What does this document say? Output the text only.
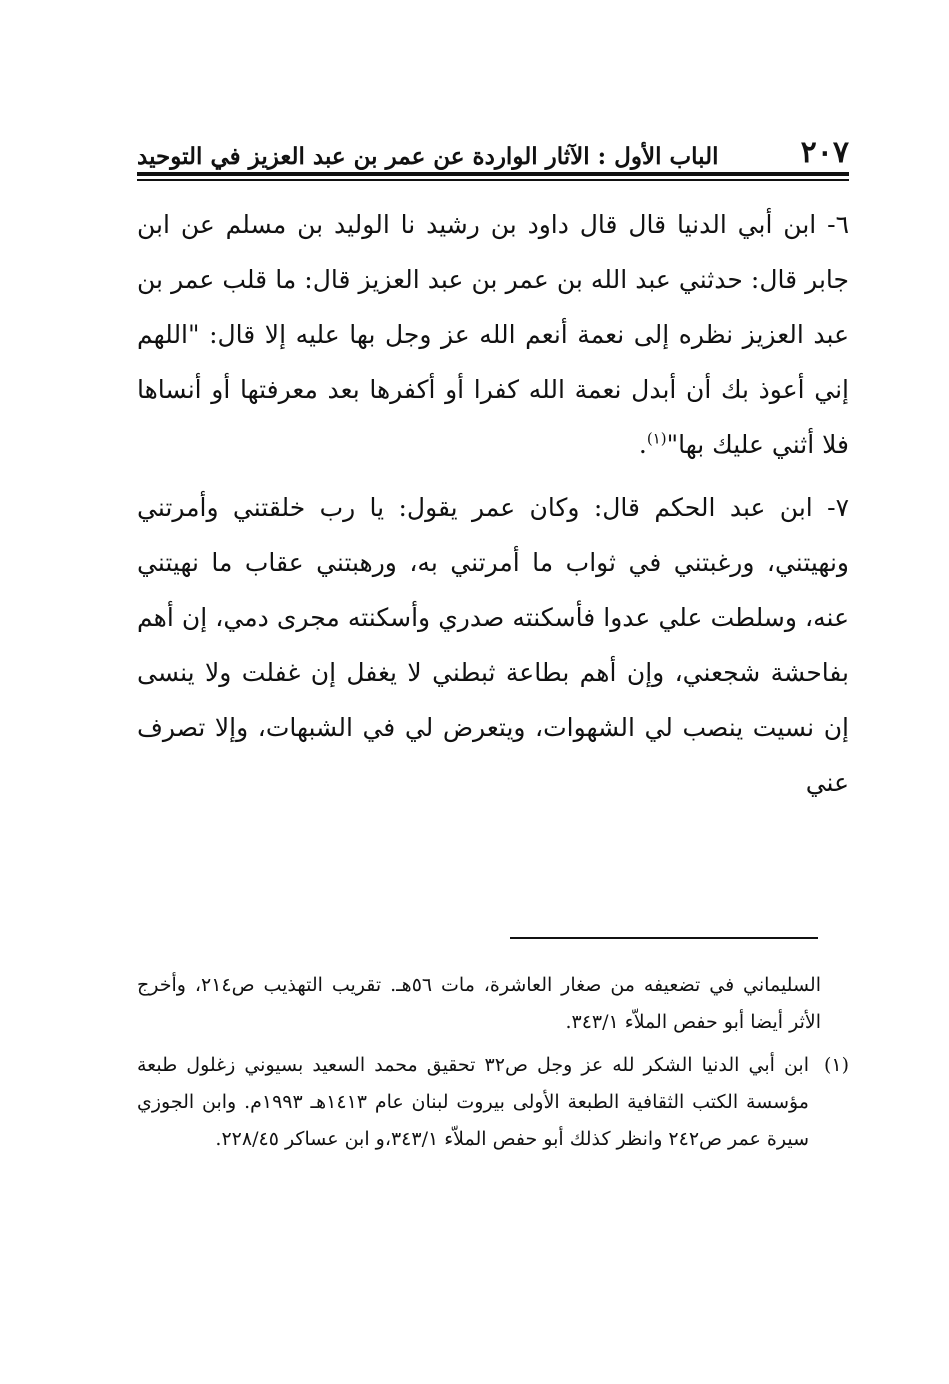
٢٠٧
الباب الأول : الآثار الواردة عن عمر بن عبد العزيز في التوحيد

٦- ابن أبي الدنيا قال قال داود بن رشيد نا الوليد بن مسلم عن ابن جابر قال: حدثني عبد الله بن عمر بن عبد العزيز قال: ما قلب عمر بن عبد العزيز نظره إلى نعمة أنعم الله عز وجل بها عليه إلا قال: "اللهم إني أعوذ بك أن أبدل نعمة الله كفرا أو أكفرها بعد معرفتها أو أنساها فلا أثني عليك بها"$^{(١)}$.

٧- ابن عبد الحكم قال: وكان عمر يقول: يا رب خلقتني وأمرتني ونهيتني، ورغبتني في ثواب ما أمرتني به، ورهبتني عقاب ما نهيتني عنه، وسلطت علي عدوا فأسكنته صدري وأسكنته مجرى دمي، إن أهم بفاحشة شجعني، وإن أهم بطاعة ثبطني لا يغفل إن غفلت ولا ينسى إن نسيت ينصب لي الشهوات، ويتعرض لي في الشبهات، وإلا تصرف عني

السليماني في تضعيفه من صغار العاشرة، مات ٥٦هـ. تقريب التهذيب ص٢١٤، وأخرج الأثر أيضا أبو حفص الملاّء ٣٤٣/١.

(١)
ابن أبي الدنيا الشكر لله عز وجل ص٣٢ تحقيق محمد السعيد بسيوني زغلول طبعة مؤسسة الكتب الثقافية الطبعة الأولى بيروت لبنان عام ١٤١٣هـ ١٩٩٣م. وابن الجوزي سيرة عمر ص٢٤٢ وانظر كذلك أبو حفص الملاّء ٣٤٣/١،و ابن عساكر ٢٢٨/٤٥.
